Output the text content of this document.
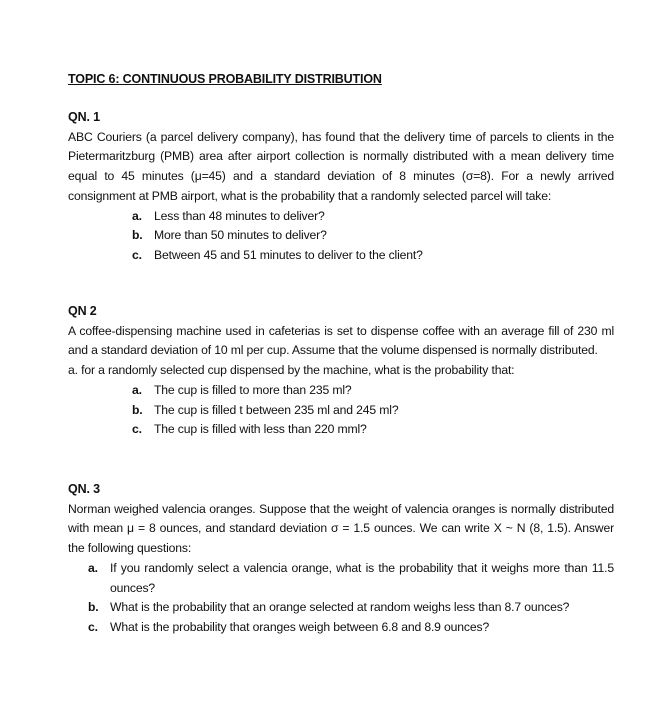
TOPIC 6: CONTINUOUS PROBABILITY DISTRIBUTION
QN. 1
ABC Couriers (a parcel delivery company), has found that the delivery time of parcels to clients in the Pietermaritzburg (PMB) area after airport collection is normally distributed with a mean delivery time equal to 45 minutes (μ=45) and a standard deviation of 8 minutes (σ=8). For a newly arrived consignment at PMB airport, what is the probability that a randomly selected parcel will take:
a. Less than 48 minutes to deliver?
b. More than 50 minutes to deliver?
c. Between 45 and 51 minutes to deliver to the client?
QN 2
A coffee-dispensing machine used in cafeterias is set to dispense coffee with an average fill of 230 ml and a standard deviation of 10 ml per cup. Assume that the volume dispensed is normally distributed.
a. for a randomly selected cup dispensed by the machine, what is the probability that:
a. The cup is filled to more than 235 ml?
b. The cup is filled t between 235 ml and 245 ml?
c. The cup is filled with less than 220 mml?
QN. 3
Norman weighed valencia oranges. Suppose that the weight of valencia oranges is normally distributed with mean μ = 8 ounces, and standard deviation σ = 1.5 ounces. We can write X ~ N (8, 1.5). Answer the following questions:
a. If you randomly select a valencia orange, what is the probability that it weighs more than 11.5 ounces?
b. What is the probability that an orange selected at random weighs less than 8.7 ounces?
c. What is the probability that oranges weigh between 6.8 and 8.9 ounces?
